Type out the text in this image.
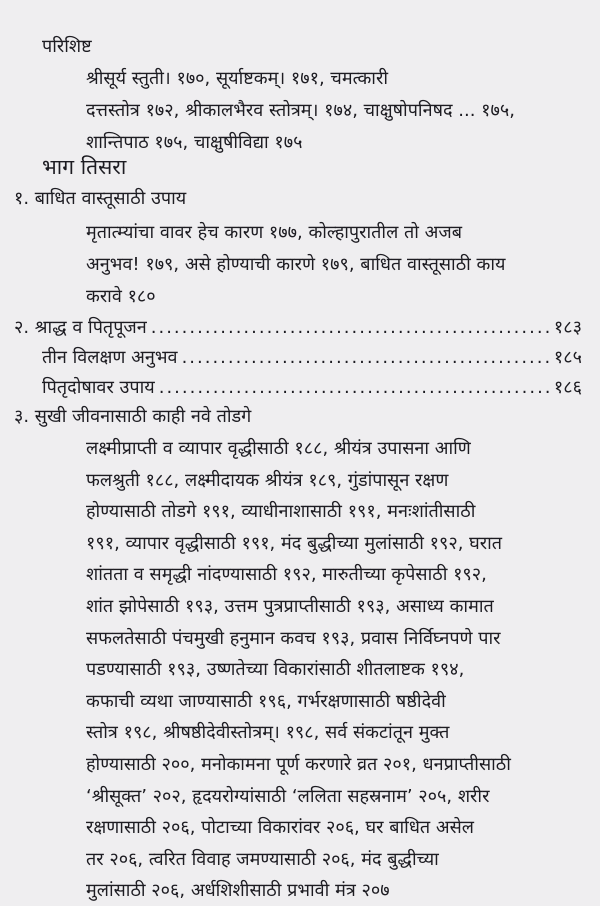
परिशिष्ट
श्रीसूर्य स्तुती। १७०, सूर्याष्टकम्। १७१, चमत्कारी
दत्तस्तोत्र १७२, श्रीकालभैरव स्तोत्रम्। १७४, चाक्षुषोपनिषद ... १७५,
शान्तिपाठ १७५, चाक्षुषीविद्या १७५
भाग तिसरा
१. बाधित वास्तूसाठी उपाय
मृतात्म्यांचा वावर हेच कारण १७७, कोल्हापुरातील तो अजब
अनुभव! १७९, असे होण्याची कारणे १७९, बाधित वास्तूसाठी काय
करावे १८०
२. श्राद्ध व पितृपूजन .....	१८३
तीन विलक्षण अनुभव .....	१८५
पितृदोषावर उपाय .....	१८६
३. सुखी जीवनासाठी काही नवे तोडगे
लक्ष्मीप्राप्ती व व्यापार वृद्धीसाठी १८८, श्रीयंत्र उपासना आणि
फलश्रुती १८८, लक्ष्मीदायक श्रीयंत्र १८९, गुंडांपासून रक्षण
होण्यासाठी तोडगे १९१, व्याधीनाशासाठी १९१, मनःशांतीसाठी
१९१, व्यापार वृद्धीसाठी १९१, मंद बुद्धीच्या मुलांसाठी १९२, घरात
शांतता व समृद्धी नांदण्यासाठी १९२, मारुतीच्या कृपेसाठी १९२,
शांत झोपेसाठी १९३, उत्तम पुत्रप्राप्तीसाठी १९३, असाध्य कामात
सफलतेसाठी पंचमुखी हनुमान कवच १९३, प्रवास निर्विघ्नपणे पार
पडण्यासाठी १९३, उष्णतेच्या विकारांसाठी शीतलाष्टक १९४,
कफाची व्यथा जाण्यासाठी १९६, गर्भरक्षणासाठी षष्ठीदेवी
स्तोत्र १९८, श्रीषष्ठीदेवीस्तोत्रम्। १९८, सर्व संकटांतून मुक्त
होण्यासाठी २००, मनोकामना पूर्ण करणारे व्रत २०१, धनप्राप्तीसाठी
‘श्रीसूक्त’ २०२, हृदयरोग्यांसाठी ‘ललिता सहस्रनाम’ २०५, शरीर
रक्षणासाठी २०६, पोटाच्या विकारांवर २०६, घर बाधित असेल
तर २०६, त्वरित विवाह जमण्यासाठी २०६, मंद बुद्धीच्या
मुलांसाठी २०६, अर्धशिशीसाठी प्रभावी मंत्र २०७
